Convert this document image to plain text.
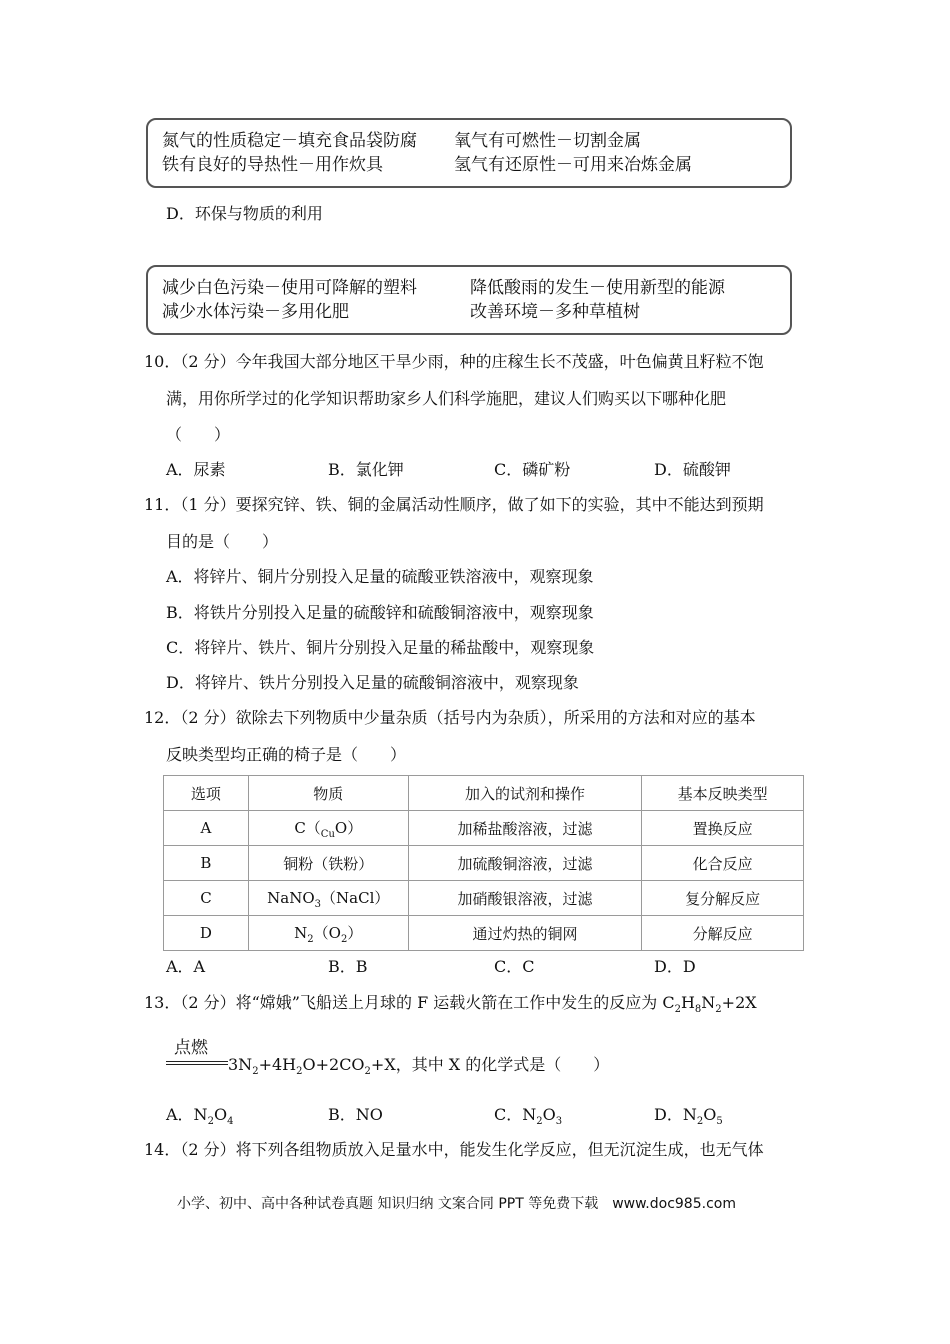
氮气的性质稳定－填充食品袋防腐 氧气有可燃性－切割金属
铁有良好的导热性－用作炊具	氢气有还原性－可用来冶炼金属
D．环保与物质的利用
减少白色污染－使用可降解的塑料	降低酸雨的发生－使用新型的能源
减少水体污染－多用化肥	改善环境－多种草植树
10．（2 分）今年我国大部分地区干旱少雨，种的庄稼生长不茂盛，叶色偏黄且籽粒不饱
满，用你所学过的化学知识帮助家乡人们科学施肥，建议人们购买以下哪种化肥
（　　）
A．尿素	B．氯化钾	C．磷矿粉	D．硫酸钾
11．（1 分）要探究锌、铁、铜的金属活动性顺序，做了如下的实验，其中不能达到预期
目的是（　　）
A．将锌片、铜片分别投入足量的硫酸亚铁溶液中，观察现象
B．将铁片分别投入足量的硫酸锌和硫酸铜溶液中，观察现象
C．将锌片、铁片、铜片分别投入足量的稀盐酸中，观察现象
D．将锌片、铁片分别投入足量的硫酸铜溶液中，观察现象
12．（2 分）欲除去下列物质中少量杂质（括号内为杂质），所采用的方法和对应的基本
反映类型均正确的椅子是（　　）
选项	物质	加入的试剂和操作	基本反映类型
A	$C(_{Cu}O)$	加稀盐酸溶液，过滤	置换反应
B	铜粉（铁粉）	加硫酸铜溶液，过滤	化合反应
C	NaNO$_3$（NaCl）	加硝酸银溶液，过滤	复分解反应
D	$N_2(O_2)$	通过灼热的铜网	分解反应
A．A	B．B	C．C	D．D
13．（2 分）将“嫦娥”飞船送上月球的 F 运载火箭在工作中发生的反应为 $C_2H_8N_2+2X$
点燃
$3N_2+4H_2O+2CO_2+X$，其中 X 的化学式是（　　）
A．$N_2O_4$	B．NO	C．$N_2O_3$	D．$N_2O_5$
14．（2 分）将下列各组物质放入足量水中，能发生化学反应，但无沉淀生成，也无气体
小学、初中、高中各种试卷真题 知识归纳 文案合同 PPT 等免费下载　www.doc985.com
